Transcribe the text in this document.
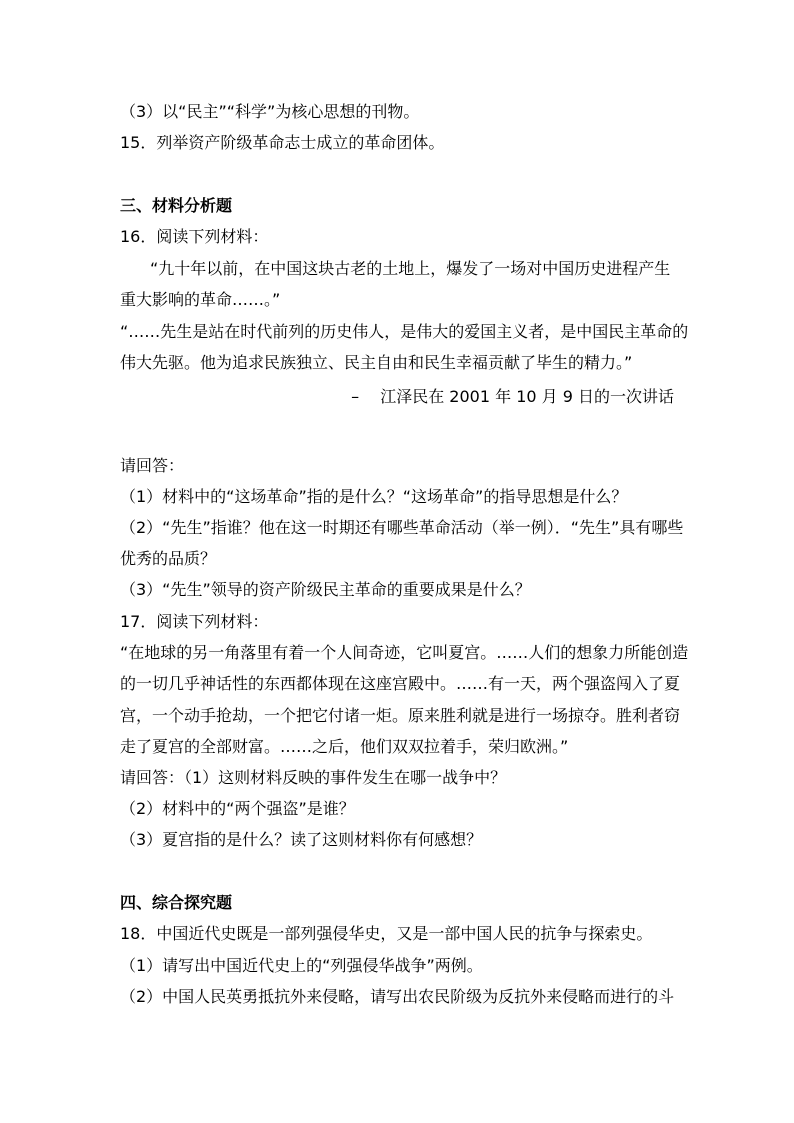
（3）以“民主”“科学”为核心思想的刊物。
15．列举资产阶级革命志士成立的革命团体。
三、材料分析题
16．阅读下列材料：
“九十年以前，在中国这块古老的土地上，爆发了一场对中国历史进程产生
重大影响的革命……。”
“……先生是站在时代前列的历史伟人，是伟大的爱国主义者，是中国民主革命的
伟大先驱。他为追求民族独立、民主自由和民生幸福贡献了毕生的精力。”
–　 江泽民在 2001 年 10 月 9 日的一次讲话
请回答：
（1）材料中的“这场革命”指的是什么？“这场革命”的指导思想是什么？
（2）“先生”指谁？他在这一时期还有哪些革命活动（举一例）．“先生”具有哪些
优秀的品质？
（3）“先生”领导的资产阶级民主革命的重要成果是什么？
17．阅读下列材料：
“在地球的另一角落里有着一个人间奇迹，它叫夏宫。……人们的想象力所能创造
的一切几乎神话性的东西都体现在这座宫殿中。……有一天，两个强盗闯入了夏
宫，一个动手抢劫，一个把它付诸一炬。原来胜利就是进行一场掠夺。胜利者窃
走了夏宫的全部财富。……之后，他们双双拉着手，荣归欧洲。”
请回答：（1）这则材料反映的事件发生在哪一战争中？
（2）材料中的“两个强盗”是谁？
（3）夏宫指的是什么？读了这则材料你有何感想？
四、综合探究题
18．中国近代史既是一部列强侵华史，又是一部中国人民的抗争与探索史。
（1）请写出中国近代史上的“列强侵华战争”两例。
（2）中国人民英勇抵抗外来侵略，请写出农民阶级为反抗外来侵略而进行的斗
